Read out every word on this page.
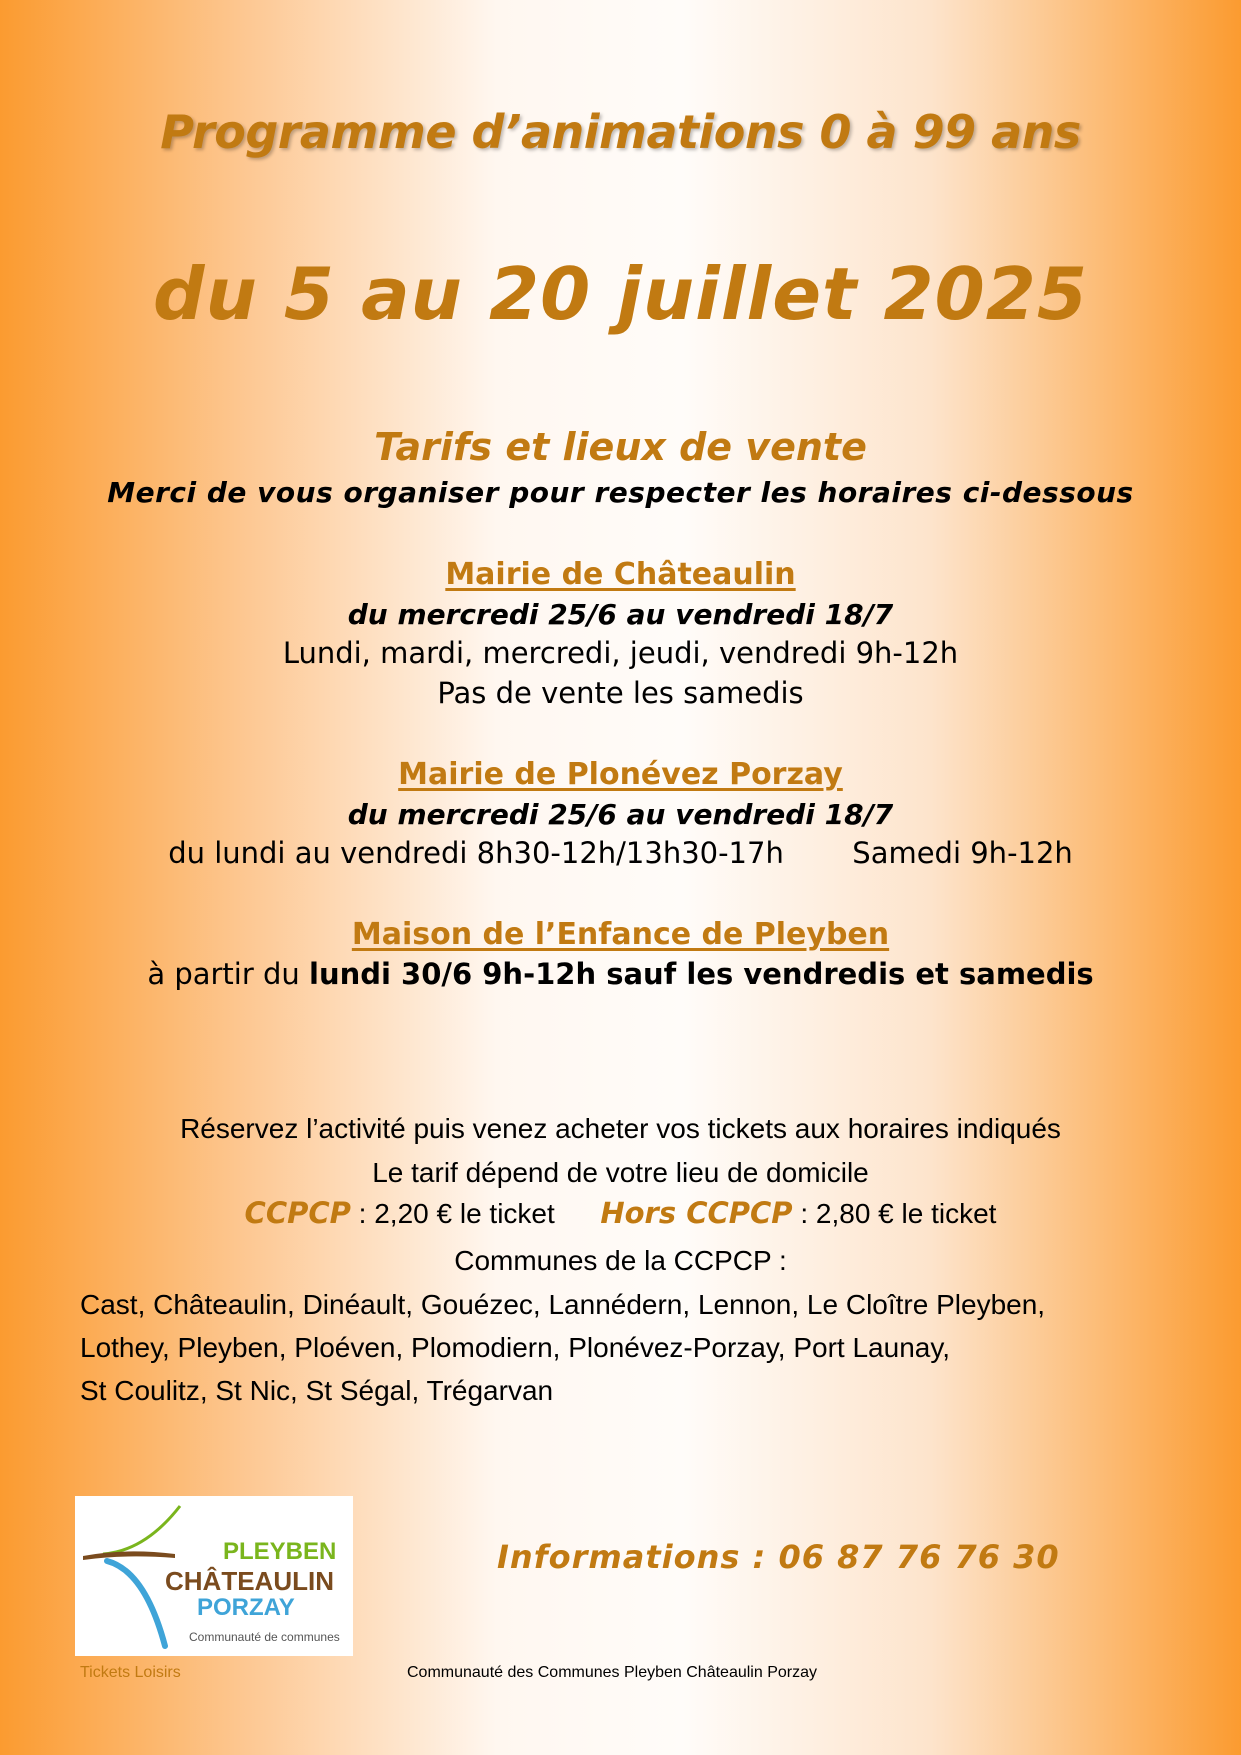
Programme d’animations 0 à 99 ans
du 5 au 20 juillet 2025
Tarifs et lieux de vente
Merci de vous organiser pour respecter les horaires ci-dessous
Mairie de Châteaulin
du mercredi 25/6 au vendredi 18/7
Lundi, mardi, mercredi, jeudi, vendredi 9h-12h
Pas de vente les samedis
Mairie de Plonévez Porzay
du mercredi 25/6 au vendredi 18/7
du lundi au vendredi 8h30-12h/13h30-17h Samedi 9h-12h
Maison de l’Enfance de Pleyben
à partir du lundi 30/6 9h-12h sauf les vendredis et samedis
Réservez l’activité puis venez acheter vos tickets aux horaires indiqués
Le tarif dépend de votre lieu de domicile
CCPCP : 2,20 € le ticket Hors CCPCP : 2,80 € le ticket
Communes de la CCPCP :
Cast, Châteaulin, Dinéault, Gouézec, Lannédern, Lennon, Le Cloître Pleyben,
Lothey, Pleyben, Ploéven, Plomodiern, Plonévez-Porzay, Port Launay,
St Coulitz, St Nic, St Ségal, Trégarvan
PLEYBEN
CHÂTEAULIN
PORZAY
Communauté de communes
Informations : 06 87 76 76 30
Tickets Loisirs	Communauté des Communes Pleyben Châteaulin Porzay
